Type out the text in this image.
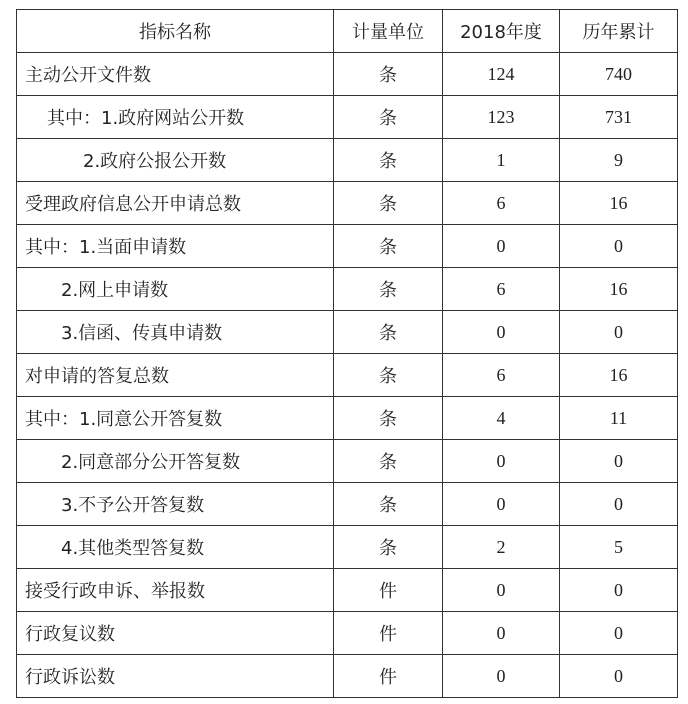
指标名称	计量单位	2018年度	历年累计
主动公开文件数	条	124	740
其中：1.政府网站公开数	条	123	731
2.政府公报公开数	条	1	9
受理政府信息公开申请总数	条	6	16
其中：1.当面申请数	条	0	0
2.网上申请数	条	6	16
3.信函、传真申请数	条	0	0
对申请的答复总数	条	6	16
其中：1.同意公开答复数	条	4	11
2.同意部分公开答复数	条	0	0
3.不予公开答复数	条	0	0
4.其他类型答复数	条	2	5
接受行政申诉、举报数	件	0	0
行政复议数	件	0	0
行政诉讼数	件	0	0
